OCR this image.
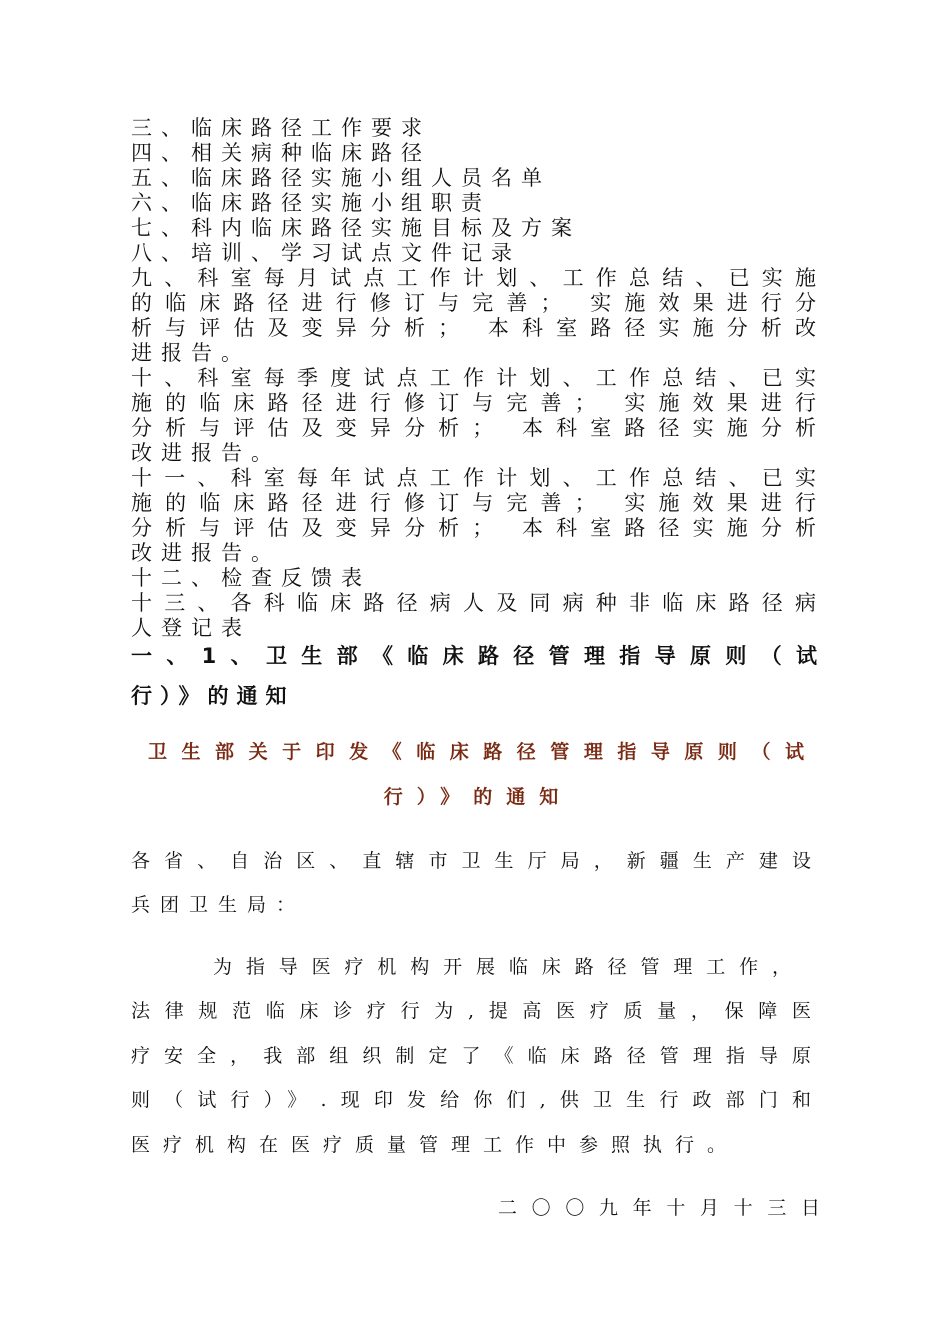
三、临床路径工作要求
四、相关病种临床路径
五、临床路径实施小组人员名单
六、临床路径实施小组职责
七、科内临床路径实施目标及方案
八、培训、学习试点文件记录
九、科室每月试点工作计划、工作总结、已实施
的临床路径进行修订与完善； 实施效果进行分
析与评估及变异分析； 本科室路径实施分析改
进报告。
十、科室每季度试点工作计划、工作总结、已实
施的临床路径进行修订与完善； 实施效果进行
分析与评估及变异分析； 本科室路径实施分析
改进报告。
十一、科室每年试点工作计划、工作总结、已实
施的临床路径进行修订与完善； 实施效果进行
分析与评估及变异分析； 本科室路径实施分析
改进报告。
十二、检查反馈表
十三、各科临床路径病人及同病种非临床路径病
人登记表
一、1、卫生部《临床路径管理指导原则（试
行）》的通知
卫生部关于印发《临床路径管理指导原则（试
行）》的通知
各省、自治区、直辖市卫生厅局，新疆生产建设
兵团卫生局：
为指导医疗机构开展临床路径管理工作，
法律规范临床诊疗行为,提高医疗质量，保障医
疗安全，我部组织制定了《临床路径管理指导原
则（试行）》.现印发给你们,供卫生行政部门和
医疗机构在医疗质量管理工作中参照执行。
二〇〇九年十月十三日
